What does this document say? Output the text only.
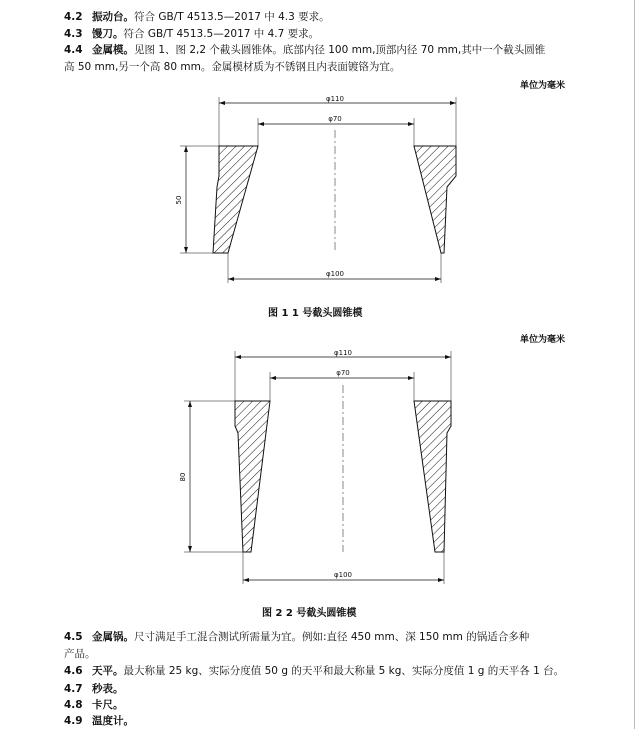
4.2 振动台。符合 GB/T 4513.5—2017 中 4.3 要求。
4.3 馒刀。符合 GB/T 4513.5—2017 中 4.7 要求。
4.4 金属模。见图 1、图 2,2 个截头圆锥体。底部内径 100 mm,顶部内径 70 mm,其中一个截头圆锥
高 50 mm,另一个高 80 mm。金属模材质为不锈钢且内表面镀铬为宜。
单位为毫米
φ110
φ70
50
φ100
图 1 1 号截头圆锥模
单位为毫米
φ110
φ70
80
φ100
图 2 2 号截头圆锥模
4.5 金属锅。尺寸满足手工混合测试所需量为宜。例如:直径 450 mm、深 150 mm 的锅适合多种
产品。
4.6 天平。最大称量 25 kg、实际分度值 50 g 的天平和最大称量 5 kg、实际分度值 1 g 的天平各 1 台。
4.7 秒表。
4.8 卡尺。
4.9 温度计。
